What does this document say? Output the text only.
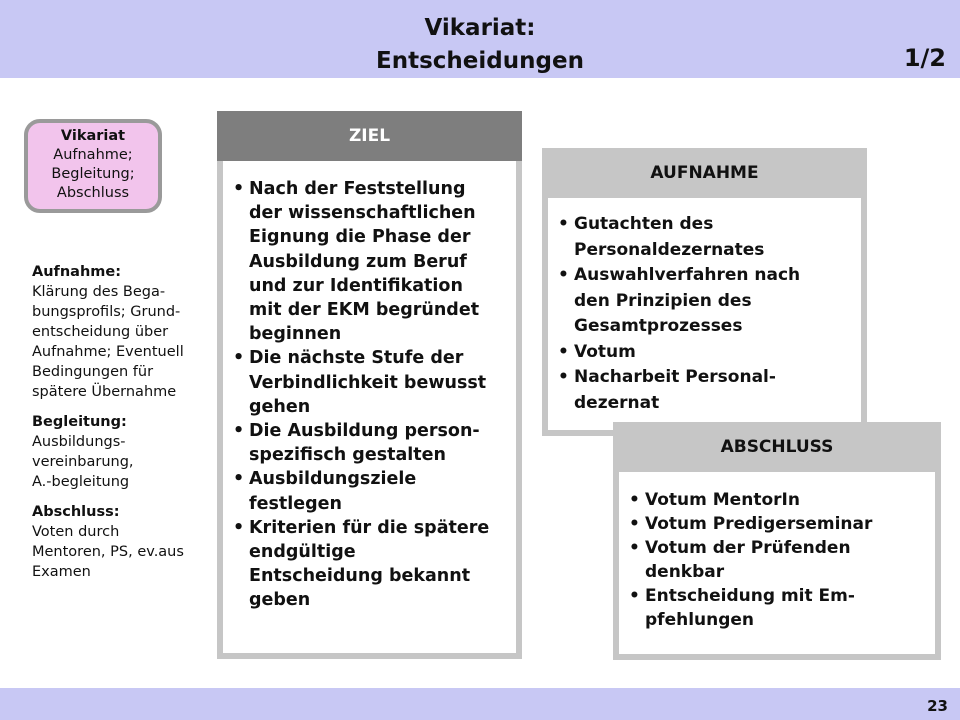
Vikariat:
Entscheidungen	1/2
Vikariat
Aufnahme;
Begleitung;
Abschluss
Aufnahme:
Klärung des Bega-
bungsprofils; Grund-
entscheidung über
Aufnahme; Eventuell
Bedingungen für
spätere Übernahme
Begleitung:
Ausbildungs-
vereinbarung,
A.-begleitung
Abschluss:
Voten durch
Mentoren, PS, ev.aus
Examen
ZIEL
• Nach der Feststellung
der wissenschaftlichen
Eignung die Phase der
Ausbildung zum Beruf
und zur Identifikation
mit der EKM begründet
beginnen
• Die nächste Stufe der
Verbindlichkeit bewusst
gehen
• Die Ausbildung person-
spezifisch gestalten
• Ausbildungsziele
festlegen
• Kriterien für die spätere
endgültige
Entscheidung bekannt
geben
AUFNAHME
• Gutachten des
Personaldezernates
• Auswahlverfahren nach
den Prinzipien des
Gesamtprozesses
• Votum
• Nacharbeit Personal-
dezernat
ABSCHLUSS
• Votum MentorIn
• Votum Predigerseminar
• Votum der Prüfenden
denkbar
• Entscheidung mit Em-
pfehlungen
23
